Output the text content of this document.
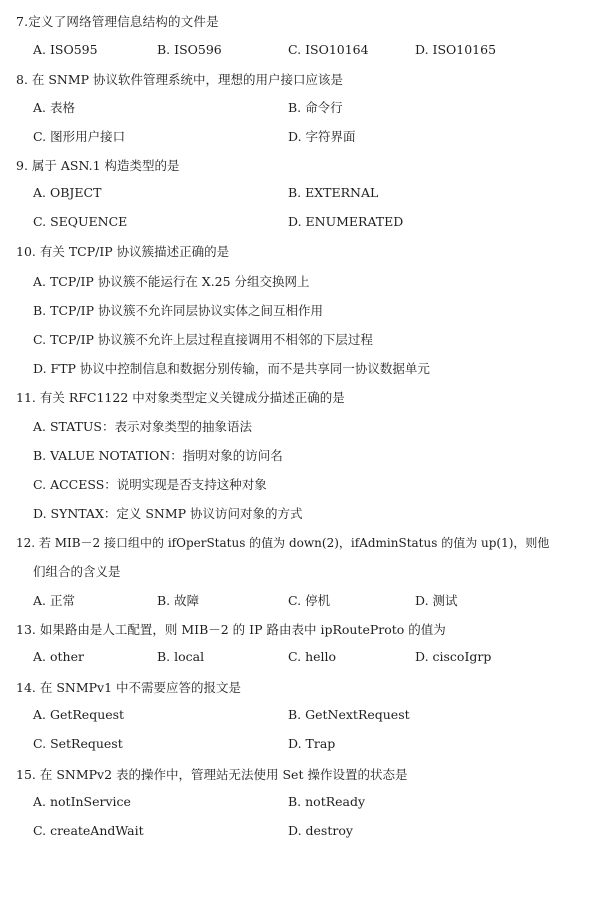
7.定义了网络管理信息结构的文件是
A. ISO595	B. ISO596	C. ISO10164	D. ISO10165
8. 在 SNMP 协议软件管理系统中，理想的用户接口应该是
A. 表格	B. 命令行
C. 图形用户接口	D. 字符界面
9. 属于 ASN.1 构造类型的是
A. OBJECT	B. EXTERNAL
C. SEQUENCE	D. ENUMERATED
10. 有关 TCP/IP 协议簇描述正确的是
A. TCP/IP 协议簇不能运行在 X.25 分组交换网上
B. TCP/IP 协议簇不允许同层协议实体之间互相作用
C. TCP/IP 协议簇不允许上层过程直接调用不相邻的下层过程
D. FTP 协议中控制信息和数据分别传输，而不是共享同一协议数据单元
11. 有关 RFC1122 中对象类型定义关键成分描述正确的是
A. STATUS：表示对象类型的抽象语法
B. VALUE NOTATION：指明对象的访问名
C. ACCESS：说明实现是否支持这种对象
D. SYNTAX：定义 SNMP 协议访问对象的方式
12. 若 MIB－2 接口组中的 ifOperStatus 的值为 down(2)，ifAdminStatus 的值为 up(1)，则他
们组合的含义是
A. 正常	B. 故障	C. 停机	D. 测试
13. 如果路由是人工配置，则 MIB－2 的 IP 路由表中 ipRouteProto 的值为
A. other	B. local	C. hello	D. ciscoIgrp
14. 在 SNMPv1 中不需要应答的报文是
A. GetRequest	B. GetNextRequest
C. SetRequest	D. Trap
15. 在 SNMPv2 表的操作中，管理站无法使用 Set 操作设置的状态是
A. notInService	B. notReady
C. createAndWait	D. destroy
